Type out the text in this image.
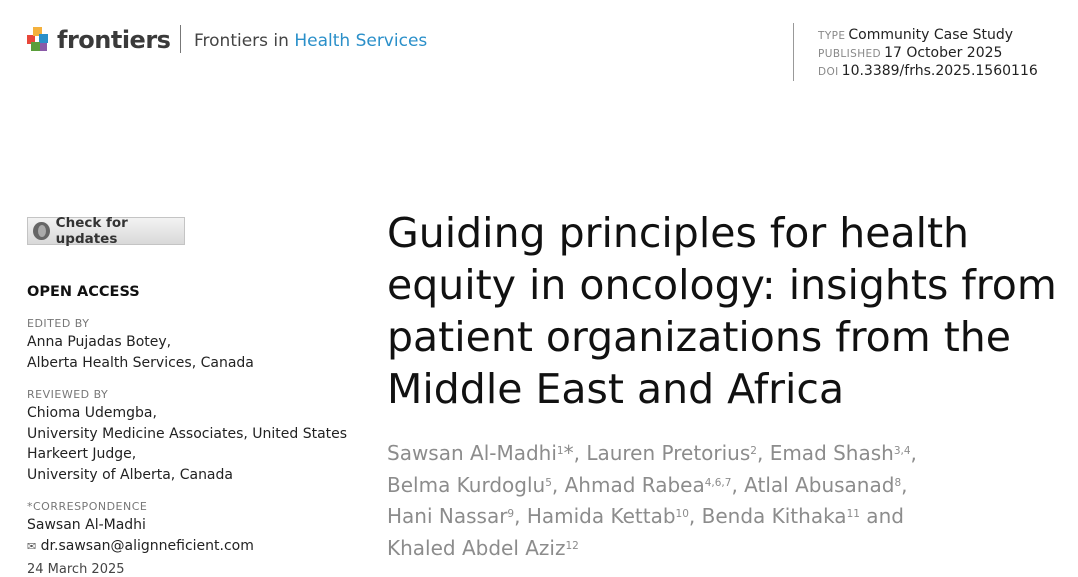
frontiers Frontiers in Health Services	TYPE Community Case Study
PUBLISHED 17 October 2025
DOI 10.3389/frhs.2025.1560116
Check for updates
OPEN ACCESS
EDITED BY
Anna Pujadas Botey,
Alberta Health Services, Canada
REVIEWED BY
Chioma Udemgba,
University Medicine Associates, United States
Harkeert Judge,
University of Alberta, Canada
*CORRESPONDENCE
Sawsan Al-Madhi
✉ dr.sawsan@alignneficient.com
24 March 2025
Guiding principles for health
equity in oncology: insights from
patient organizations from the
Middle East and Africa
Sawsan Al-Madhi$^1$*, Lauren Pretorius$^2$, Emad Shash$^{3,4}$,
Belma Kurdoglu$^5$, Ahmad Rabea$^{4,6,7}$, Atlal Abusanad$^8$,
Hani Nassar$^9$, Hamida Kettab$^{10}$, Benda Kithaka$^{11}$ and
Khaled Abdel Aziz$^{12}$
